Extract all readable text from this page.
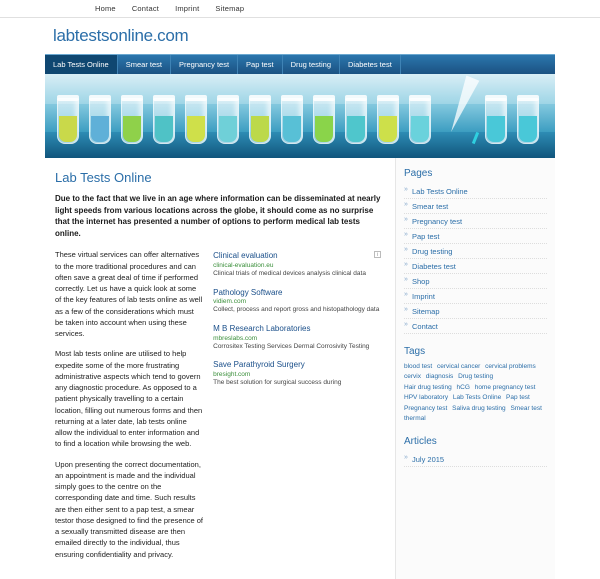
Home Contact Imprint Sitemap
labtestsonline.com
Lab Tests Online	Smear test	Pregnancy test	Pap test	Drug testing	Diabetes test
Lab Tests Online

Due to the fact that we live in an age where information can be disseminated at nearly light speeds from various locations across the globe, it should come as no surprise that the internet has presented a number of options to perform medical lab tests online.

These virtual services can offer alternatives to the more traditional procedures and can often save a great deal of time if performed correctly. Let us have a quick look at some of the key features of lab tests online as well as a few of the considerations which must be taken into account when using these services.

Most lab tests online are utilised to help expedite some of the more frustrating administrative aspects which tend to govern any diagnostic procedure. As opposed to a patient physically travelling to a certain location, filling out numerous forms and then returning at a later date, lab tests online allow the individual to enter information and to find a location while browsing the web.

Upon presenting the correct documentation, an appointment is made and the individual simply goes to the centre on the corresponding date and time. Such results are then either sent to a pap test, a smear testor those designed to find the presence of a sexually transmitted disease are then emailed directly to the individual, thus ensuring confidentiality and privacy.

i

Clinical evaluation

clinical-evaluation.eu

Clinical trials of medical devices analysis clinical data

Pathology Software

vidiem.com

Collect, process and report gross and histopathology data

M B Research Laboratories

mbreslabs.com

Corrositex Testing Services Dermal Corrosivity Testing

Save Parathyroid Surgery

bresight.com

The best solution for surgical success during

Pages
» Lab Tests Online
» Smear test
» Pregnancy test
» Pap test
» Drug testing
» Diabetes test
» Shop
» Imprint
» Sitemap
» Contact
Tags

blood test cervical cancer cervical problems cervix diagnosis Drug testing Hair drug testing hCG home pregnancy test HPV laboratory Lab Tests Online Pap test Pregnancy test Saliva drug testing Smear test thermal

Articles
» July 2015
